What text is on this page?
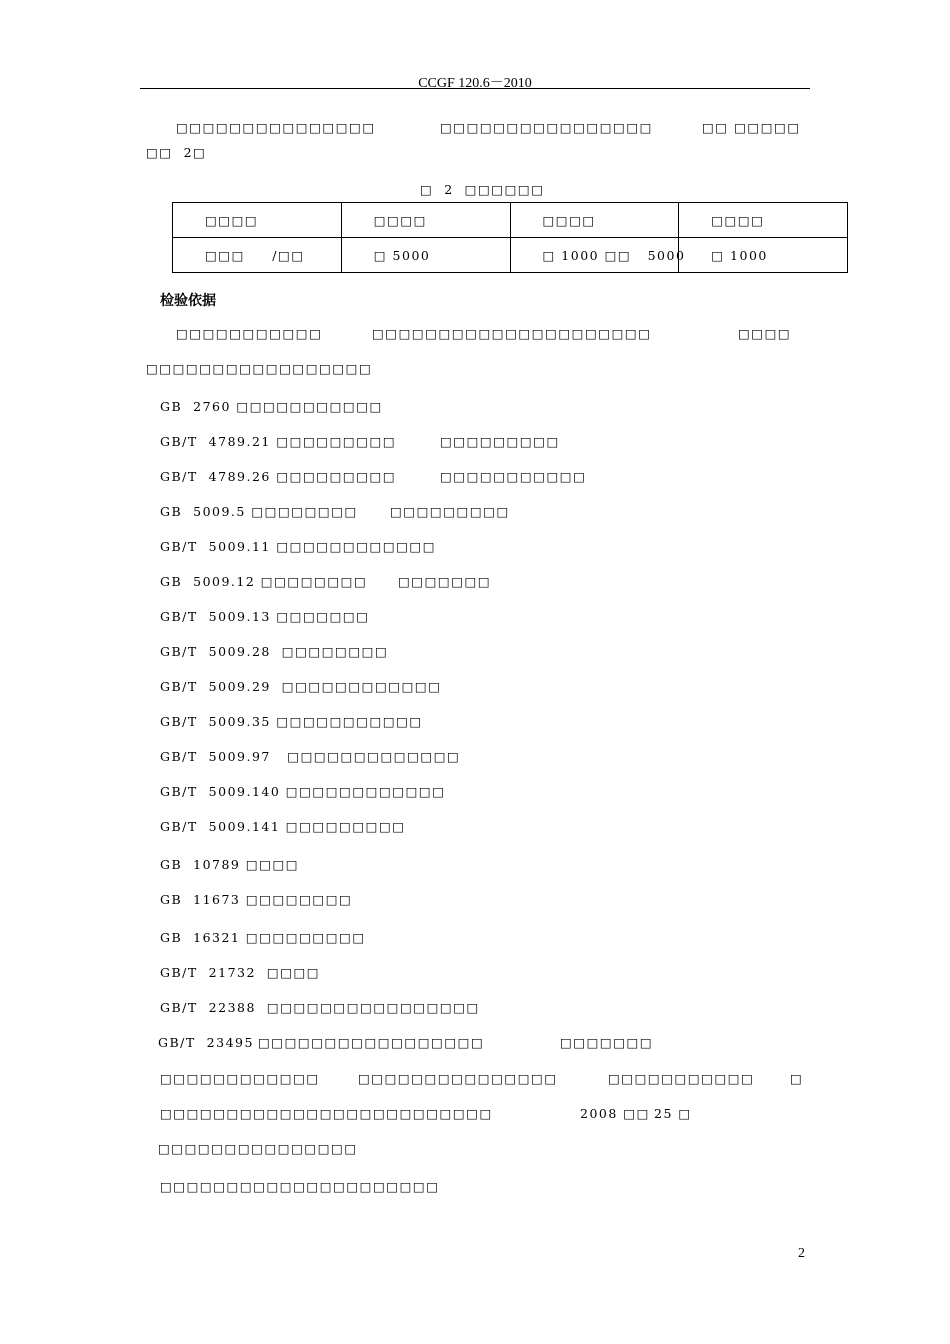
CCGF 120.6－2010
□□□□□□□□□□□□□□□	□□□□□□□□□□□□□□□□	□□ □□□□□
□□  2□
□  2  □□□□□□
□□□□	□□□□	□□□□	□□□□
□□□     /□□	□ 5000	□ 1000 □□   5000	□ 1000
检验依据
□□□□□□□□□□□	□□□□□□□□□□□□□□□□□□□□□	□□□□
□□□□□□□□□□□□□□□□□
GB  2760 □□□□□□□□□□□
GB/T  4789.21 □□□□□□□□□	□□□□□□□□□
GB/T  4789.26 □□□□□□□□□	□□□□□□□□□□□
GB  5009.5 □□□□□□□□	□□□□□□□□□
GB/T  5009.11 □□□□□□□□□□□□
GB  5009.12 □□□□□□□□ □□□□□□□
GB/T  5009.13 □□□□□□□
GB/T  5009.28  □□□□□□□□
GB/T  5009.29  □□□□□□□□□□□□
GB/T  5009.35 □□□□□□□□□□□
GB/T  5009.97   □□□□□□□□□□□□□
GB/T  5009.140 □□□□□□□□□□□□
GB/T  5009.141 □□□□□□□□□
GB  10789 □□□□
GB  11673 □□□□□□□□
GB  16321 □□□□□□□□□
GB/T  21732  □□□□
GB/T  22388  □□□□□□□□□□□□□□□□
GB/T  23495 □□□□□□□□□□□□□□□□□	□□□□□□□
□□□□□□□□□□□□	□□□□□□□□□□□□□□□	□□□□□□□□□□□	□
□□□□□□□□□□□□□□□□□□□□□□□□□	2008 □□ 25 □
□□□□□□□□□□□□□□□
□□□□□□□□□□□□□□□□□□□□□
2
